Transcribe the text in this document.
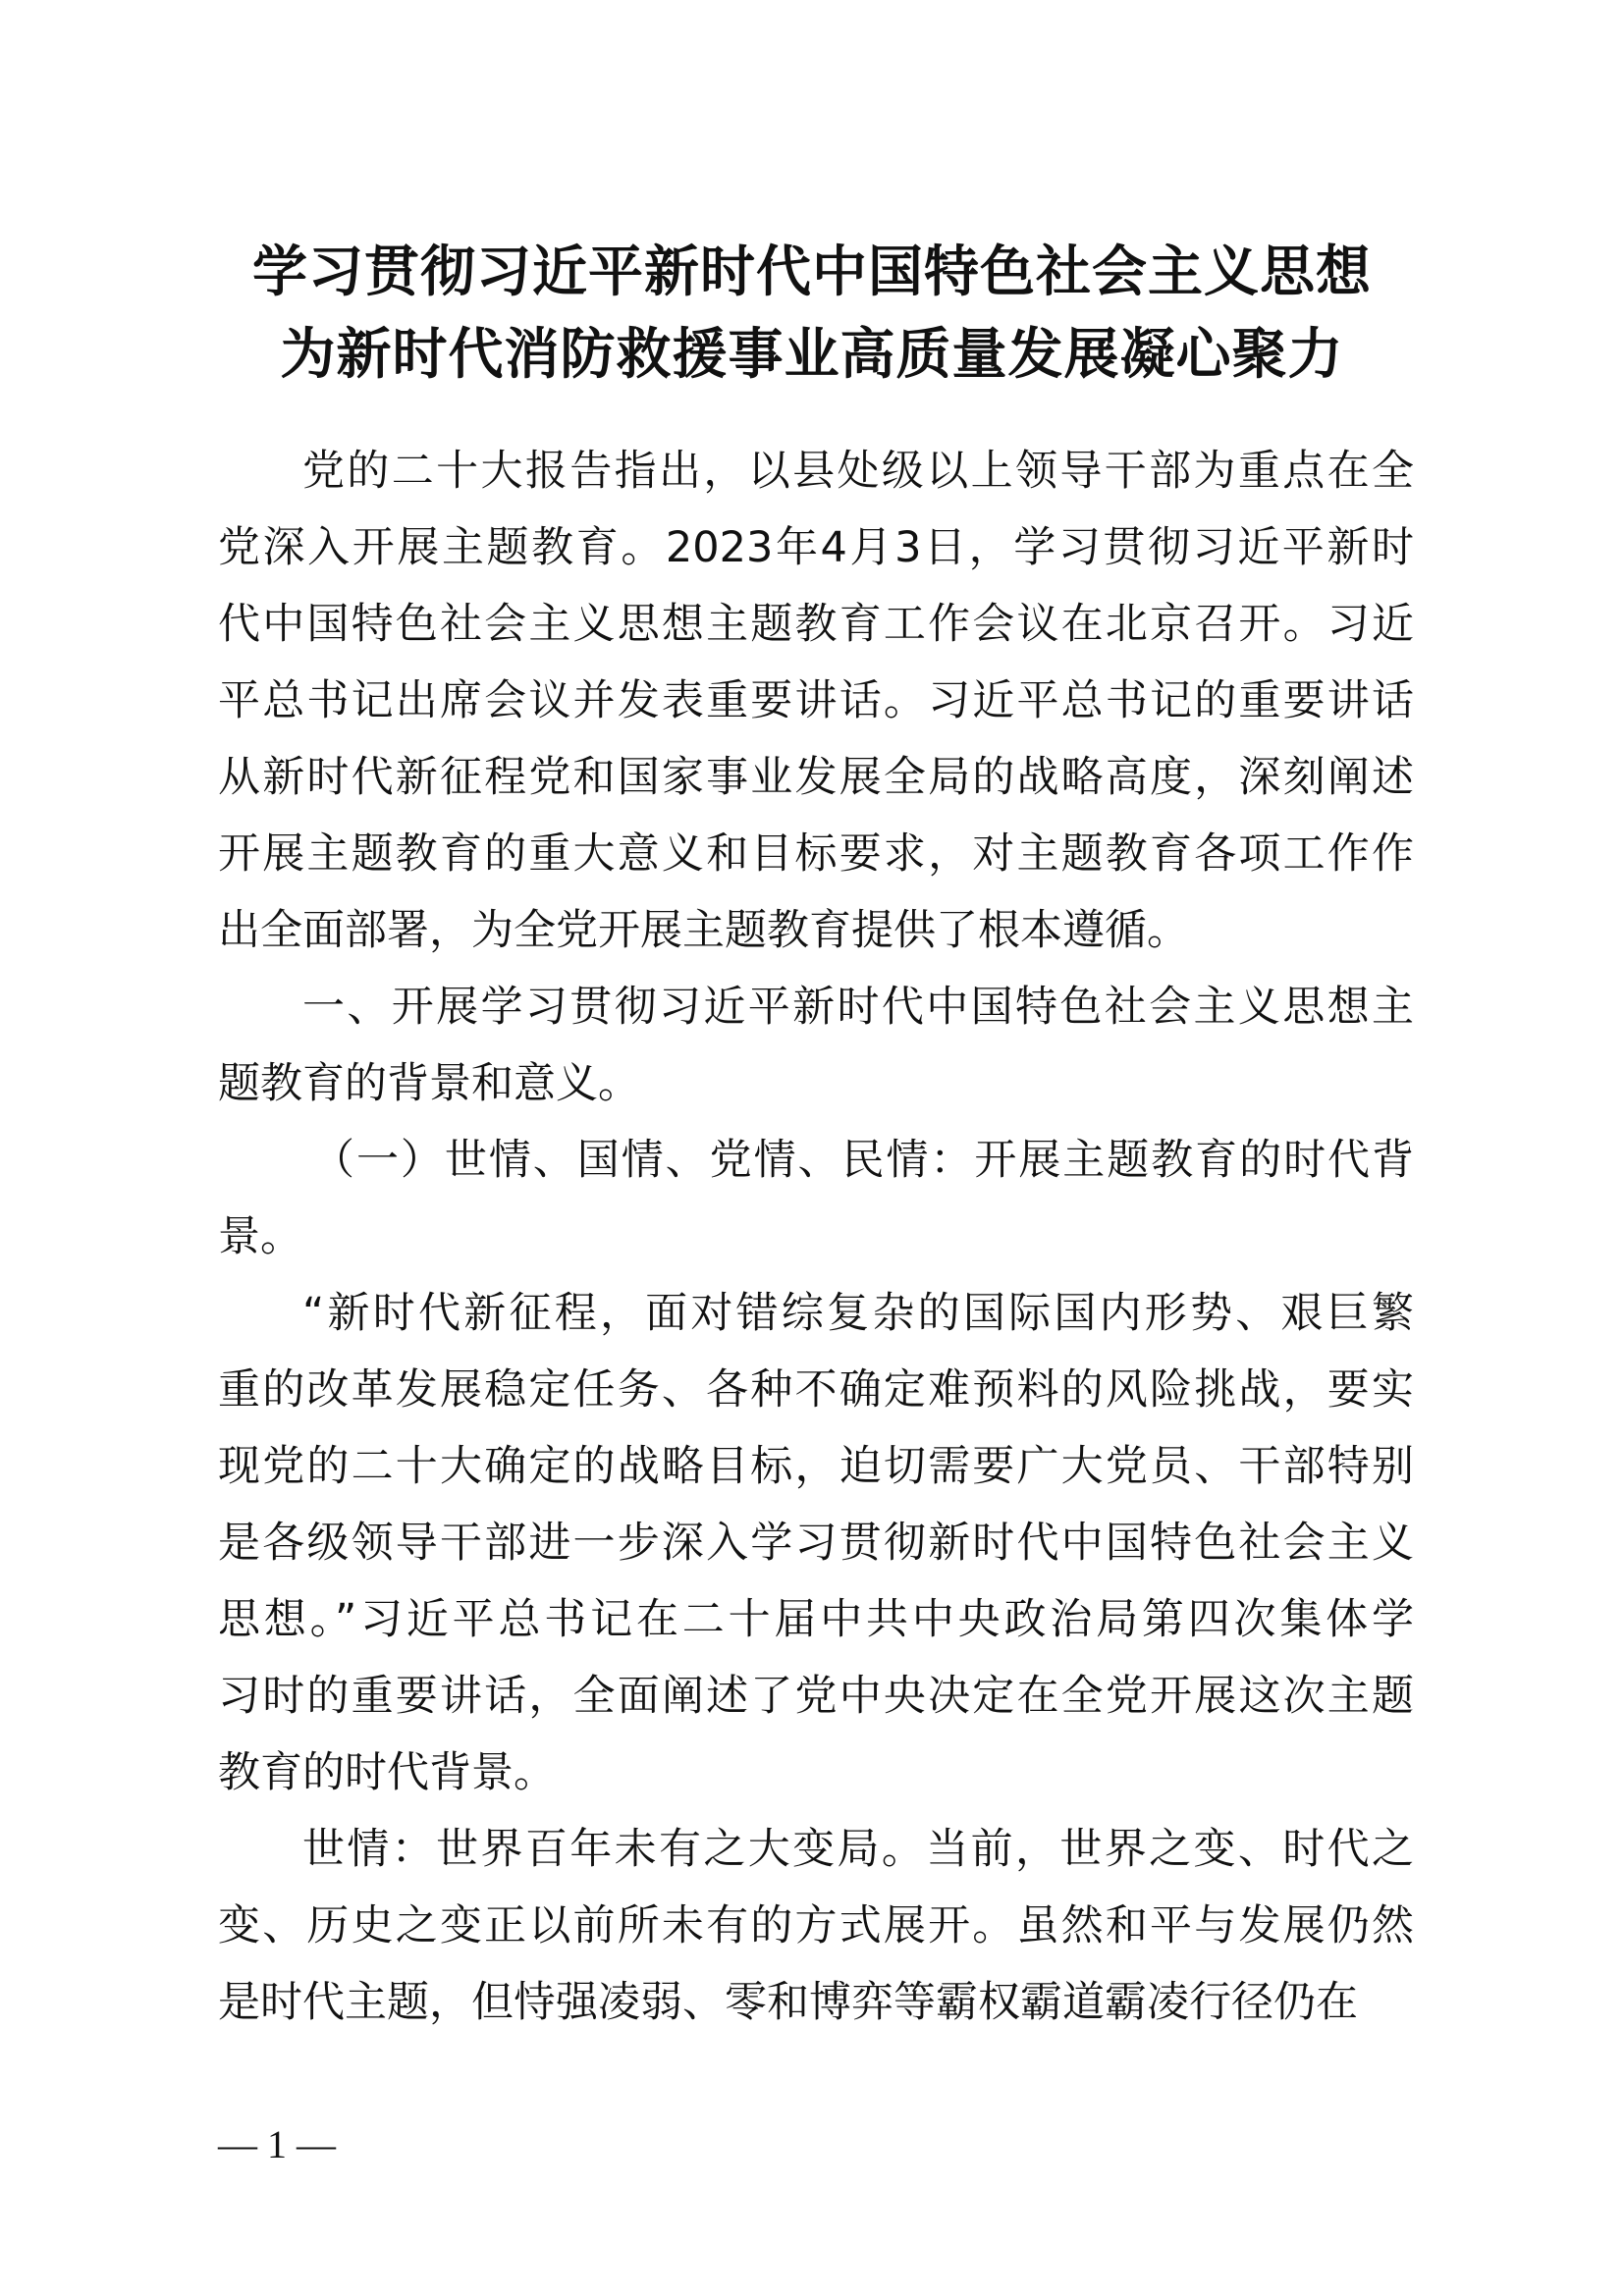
学习贯彻习近平新时代中国特色社会主义思想
为新时代消防救援事业高质量发展凝心聚力
党的二十大报告指出，以县处级以上领导干部为重点在全
党深入开展主题教育。2023年4月3日，学习贯彻习近平新时
代中国特色社会主义思想主题教育工作会议在北京召开。习近
平总书记出席会议并发表重要讲话。习近平总书记的重要讲话
从新时代新征程党和国家事业发展全局的战略高度，深刻阐述
开展主题教育的重大意义和目标要求，对主题教育各项工作作
出全面部署，为全党开展主题教育提供了根本遵循。
一、开展学习贯彻习近平新时代中国特色社会主义思想主
题教育的背景和意义。
（一）世情、国情、党情、民情：开展主题教育的时代背
景。
“新时代新征程，面对错综复杂的国际国内形势、艰巨繁
重的改革发展稳定任务、各种不确定难预料的风险挑战，要实
现党的二十大确定的战略目标，迫切需要广大党员、干部特别
是各级领导干部进一步深入学习贯彻新时代中国特色社会主义
思想。”习近平总书记在二十届中共中央政治局第四次集体学
习时的重要讲话，全面阐述了党中央决定在全党开展这次主题
教育的时代背景。
世情：世界百年未有之大变局。当前，世界之变、时代之
变、历史之变正以前所未有的方式展开。虽然和平与发展仍然
是时代主题，但恃强凌弱、零和博弈等霸权霸道霸凌行径仍在
— 1 —
